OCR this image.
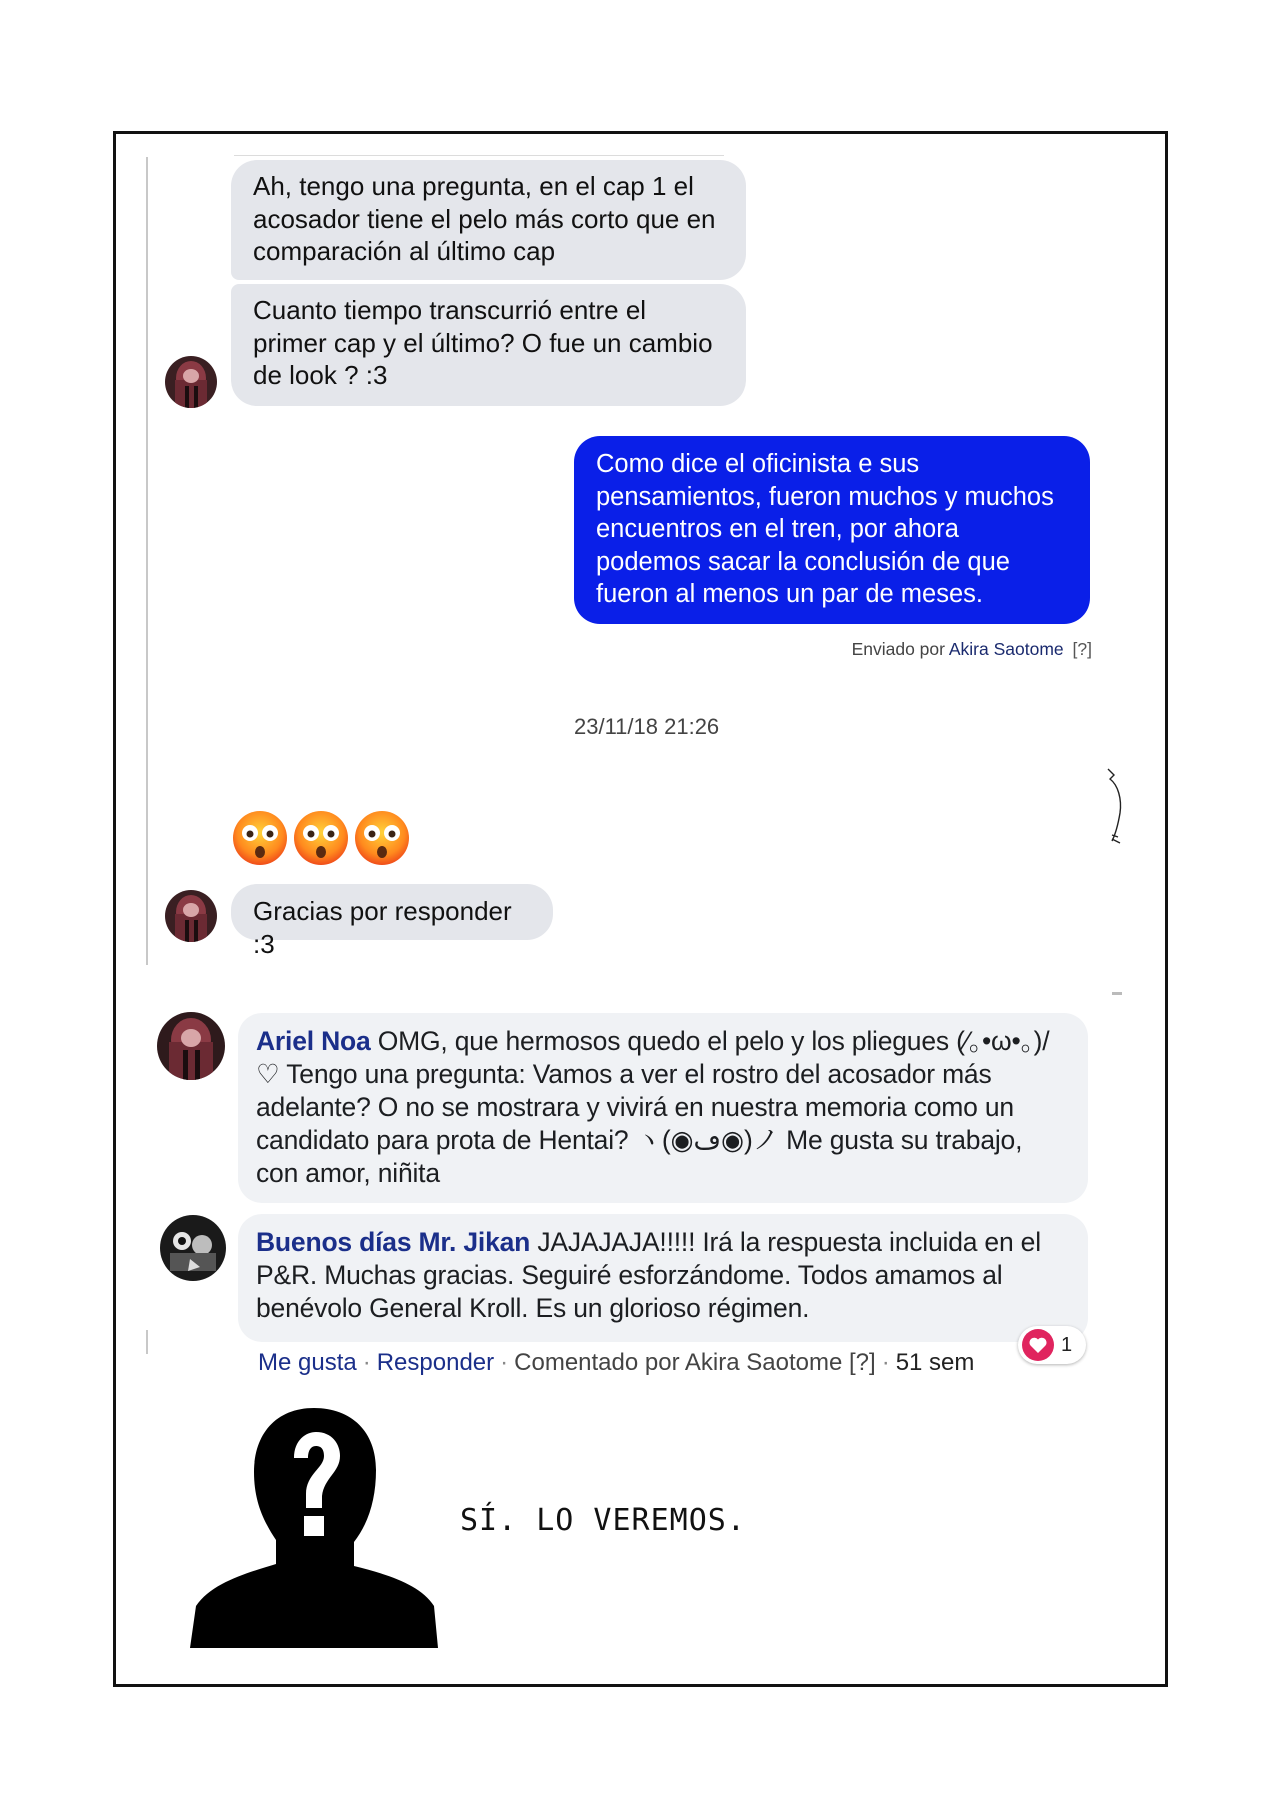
Ah, tengo una pregunta, en el cap 1 el acosador tiene el pelo más corto que en comparación al último cap
Cuanto tiempo transcurrió entre el primer cap y el último? O fue un cambio de look ? :3
Como dice el oficinista e sus pensamientos, fueron muchos y muchos encuentros en el tren, por ahora podemos sacar la conclusión de que fueron al menos un par de meses.
Enviado por Akira Saotome [?]
23/11/18 21:26
Gracias por responder :3
Ariel Noa OMG, que hermosos quedo el pelo y los pliegues (⁄｡•ω•｡)/♡ Tengo una pregunta: Vamos a ver el rostro del acosador más adelante? O no se mostrara y vivirá en nuestra memoria como un candidato para prota de Hentai? ヽ(◉ڡ◉)ノ Me gusta su trabajo, con amor, niñita
Buenos días Mr. Jikan JAJAJAJA!!!!! Irá la respuesta incluida en el P&R. Muchas gracias. Seguiré esforzándome. Todos amamos al benévolo General Kroll. Es un glorioso régimen.
Me gusta · Responder · Comentado por Akira Saotome [?] · 51 sem
1
SÍ. LO VEREMOS.
